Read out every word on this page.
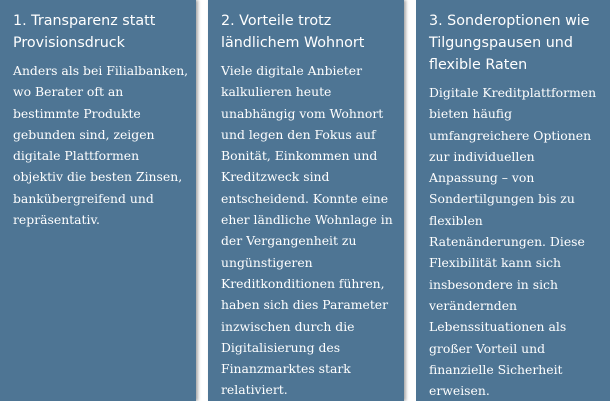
1. Transparenz statt
Provisionsdruck

Anders als bei Filialbanken,
wo Berater oft an
bestimmte Produkte
gebunden sind, zeigen
digitale Plattformen
objektiv die besten Zinsen,
bankübergreifend und
repräsentativ.

2. Vorteile trotz
ländlichem Wohnort

Viele digitale Anbieter
kalkulieren heute
unabhängig vom Wohnort
und legen den Fokus auf
Bonität, Einkommen und
Kreditzweck sind
entscheidend. Konnte eine
eher ländliche Wohnlage in
der Vergangenheit zu
ungünstigeren
Kreditkonditionen führen,
haben sich dies Parameter
inzwischen durch die
Digitalisierung des
Finanzmarktes stark
relativiert.

3. Sonderoptionen wie
Tilgungspausen und
flexible Raten

Digitale Kreditplattformen
bieten häufig
umfangreichere Optionen
zur individuellen
Anpassung – von
Sondertilgungen bis zu
flexiblen
Ratenänderungen. Diese
Flexibilität kann sich
insbesondere in sich
verändernden
Lebenssituationen als
großer Vorteil und
finanzielle Sicherheit
erweisen.
